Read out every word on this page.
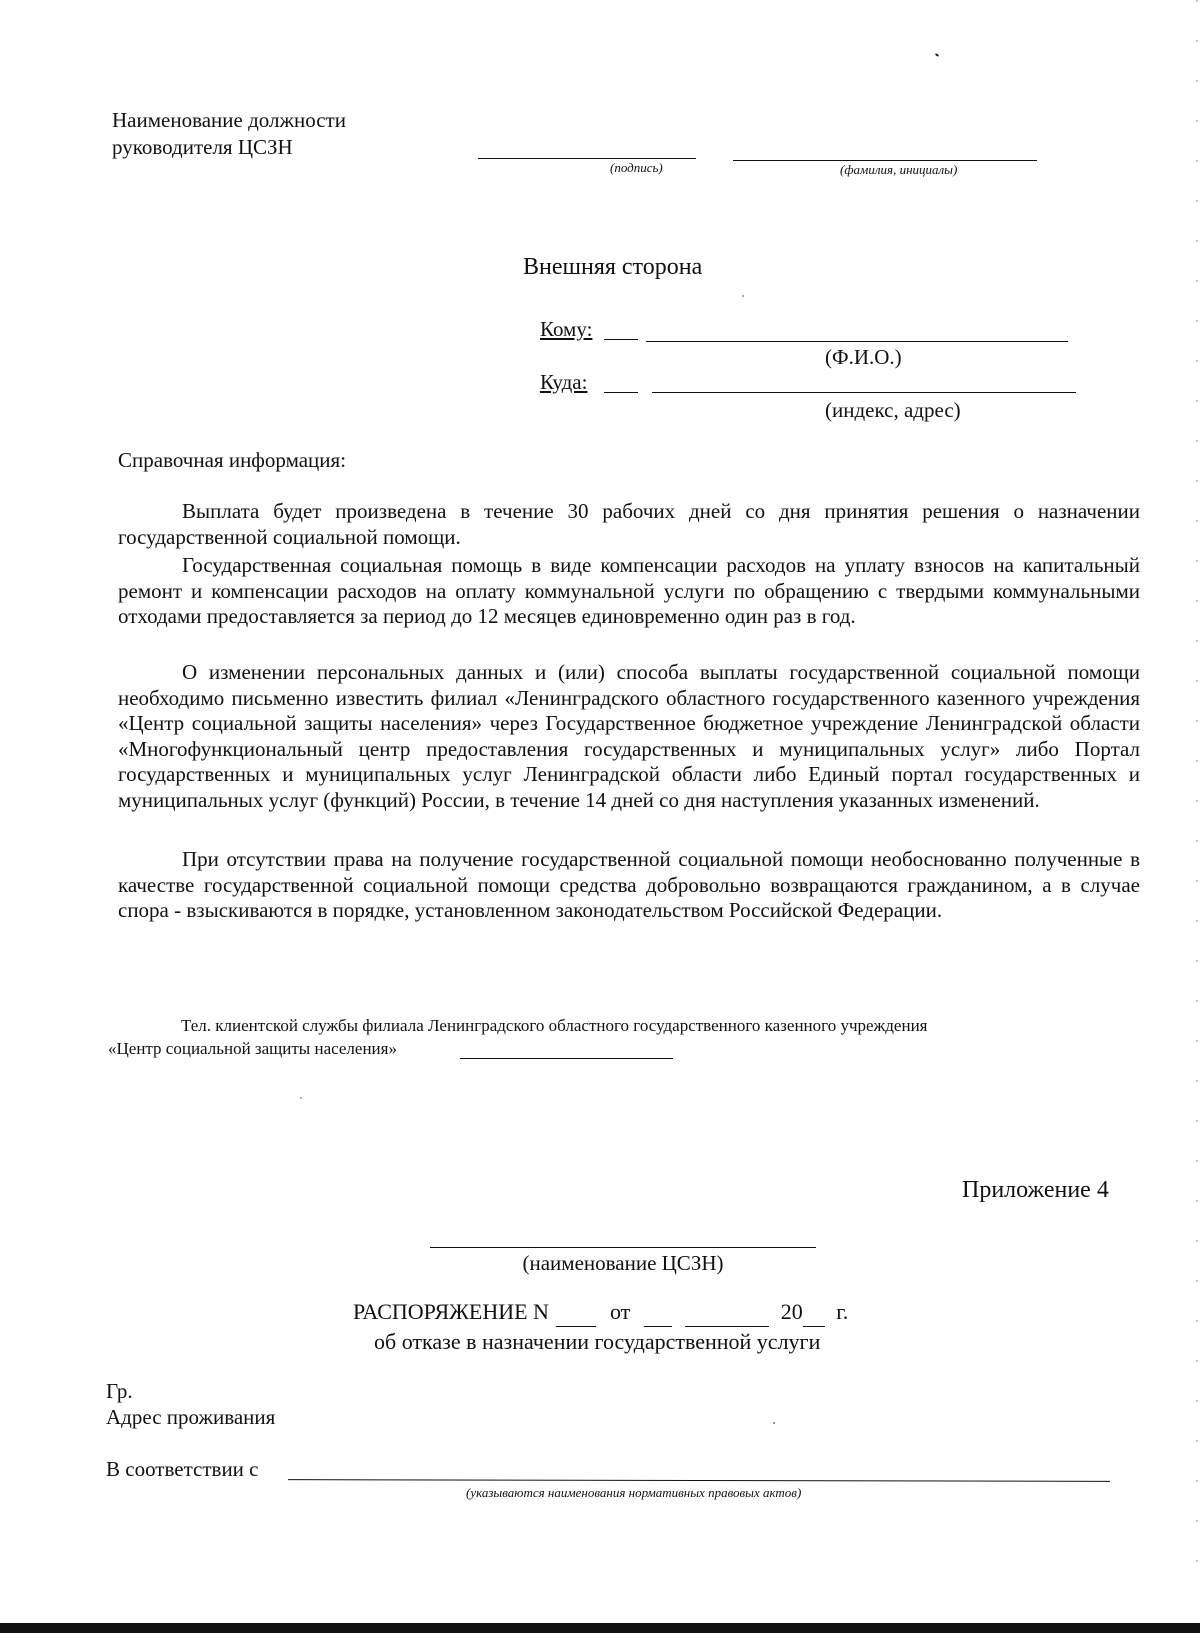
Наименование должности
руководителя ЦСЗН
(подпись)	(фамилия, инициалы)
Внешняя сторона
Кому:
(Ф.И.О.)
Куда:
(индекс, адрес)
Справочная информация:

Выплата будет произведена в течение 30 рабочих дней со дня принятия решения о назначении государственной социальной помощи.

Государственная социальная помощь в виде компенсации расходов на уплату взносов на капитальный ремонт и компенсации расходов на оплату коммунальной услуги по обращению с твердыми коммунальными отходами предоставляется за период до 12 месяцев единовременно один раз в год.

О изменении персональных данных и (или) способа выплаты государственной социальной помощи необходимо письменно известить филиал «Ленинградского областного государственного казенного учреждения «Центр социальной защиты населения» через Государственное бюджетное учреждение Ленинградской области «Многофункциональный центр предоставления государственных и муниципальных услуг» либо Портал государственных и муниципальных услуг Ленинградской области либо Единый портал государственных и муниципальных услуг (функций) России, в течение 14 дней со дня наступления указанных изменений.

При отсутствии права на получение государственной социальной помощи необоснованно полученные в качестве государственной социальной помощи средства добровольно возвращаются гражданином, а в случае спора - взыскиваются в порядке, установленном законодательством Российской Федерации.

Тел. клиентской службы филиала Ленинградского областного государственного казенного учреждения
«Центр социальной защиты населения»
Приложение 4
(наименование ЦСЗН)
РАСПОРЯЖЕНИЕ N	от	20 г.
об отказе в назначении государственной услуги
Гр.
Адрес проживания
В соответствии с
(указываются наименования нормативных правовых актов)
